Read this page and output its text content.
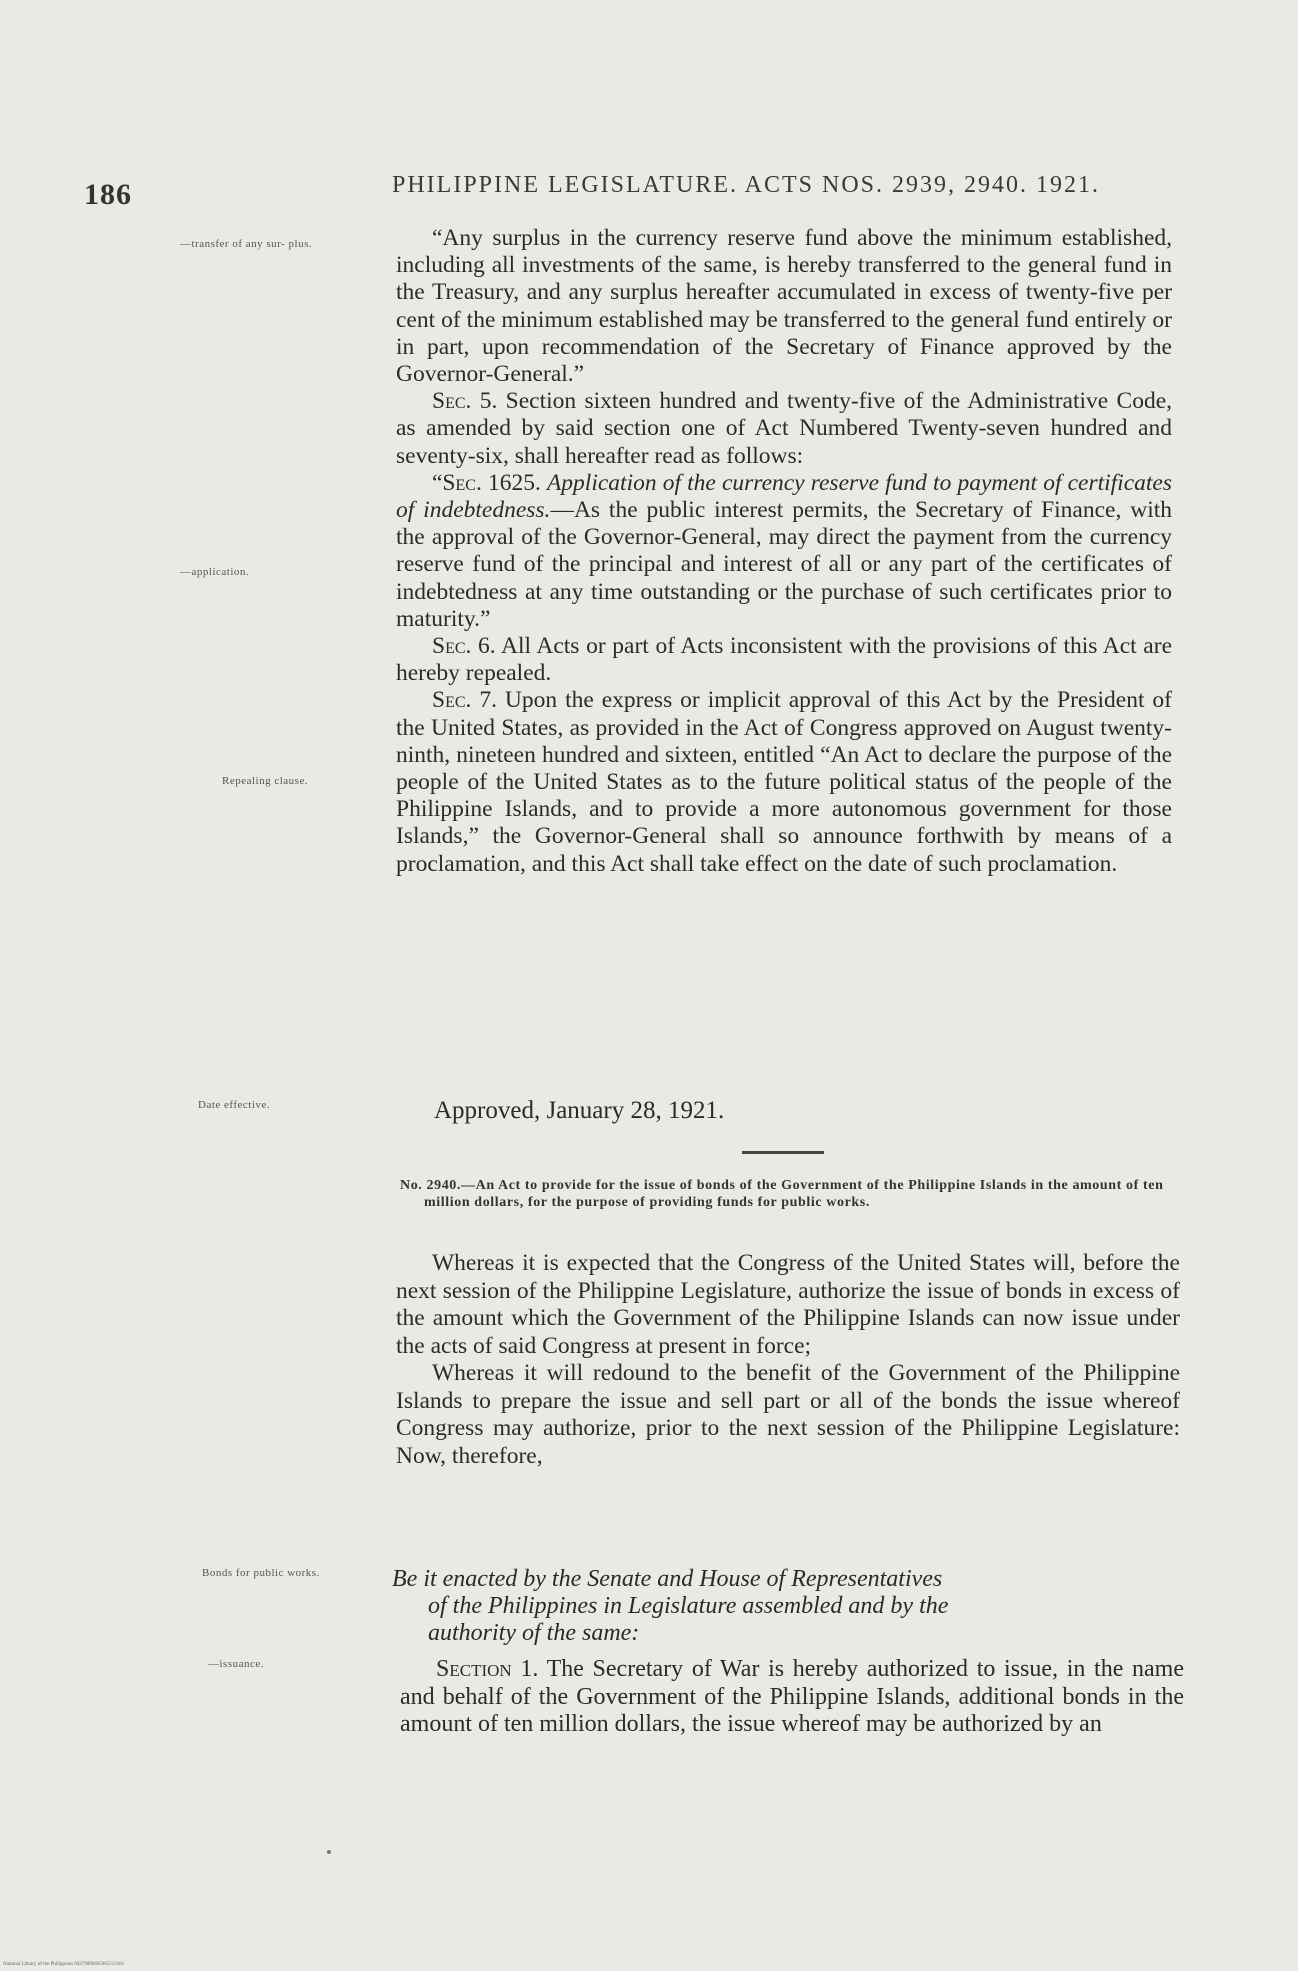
186	PHILIPPINE LEGISLATURE. ACTS NOS. 2939, 2940. 1921.
—transfer of any sur- plus.
—application.
Repealing clause.
Date effective.
Bonds for public works.
—issuance.

“Any surplus in the currency reserve fund above the minimum established, including all investments of the same, is hereby transferred to the general fund in the Treasury, and any surplus hereafter accumulated in excess of twenty-five per cent of the minimum established may be transferred to the general fund entirely or in part, upon recommendation of the Secretary of Finance approved by the Governor-General.”

Sec. 5. Section sixteen hundred and twenty-five of the Administrative Code, as amended by said section one of Act Numbered Twenty-seven hundred and seventy-six, shall hereafter read as follows:

“Sec. 1625. Application of the currency reserve fund to payment of certificates of indebtedness.—As the public interest permits, the Secretary of Finance, with the approval of the Governor-General, may direct the payment from the currency reserve fund of the principal and interest of all or any part of the certificates of indebtedness at any time outstanding or the purchase of such certificates prior to maturity.”

Sec. 6. All Acts or part of Acts inconsistent with the provisions of this Act are hereby repealed.

Sec. 7. Upon the express or implicit approval of this Act by the President of the United States, as provided in the Act of Congress approved on August twenty-ninth, nineteen hundred and sixteen, entitled “An Act to declare the purpose of the people of the United States as to the future political status of the people of the Philippine Islands, and to provide a more autonomous government for those Islands,” the Governor-General shall so announce forthwith by means of a proclamation, and this Act shall take effect on the date of such proclamation.

Approved, January 28, 1921.
No. 2940.—An Act to provide for the issue of bonds of the Government of the Philippine Islands in the amount of ten million dollars, for the purpose of providing funds for public works.

Whereas it is expected that the Congress of the United States will, before the next session of the Philippine Legislature, authorize the issue of bonds in excess of the amount which the Government of the Philippine Islands can now issue under the acts of said Congress at present in force;

Whereas it will redound to the benefit of the Government of the Philippine Islands to prepare the issue and sell part or all of the bonds the issue whereof Congress may authorize, prior to the next session of the Philippine Legislature: Now, therefore,

Be it enacted by the Senate and House of Representatives
of the Philippines in Legislature assembled and by the
authority of the same:

Section 1. The Secretary of War is hereby authorized to issue, in the name and behalf of the Government of the Philippine Islands, additional bonds in the amount of ten million dollars, the issue whereof may be authorized by an

National Library of the Philippines 00279000465005213181
